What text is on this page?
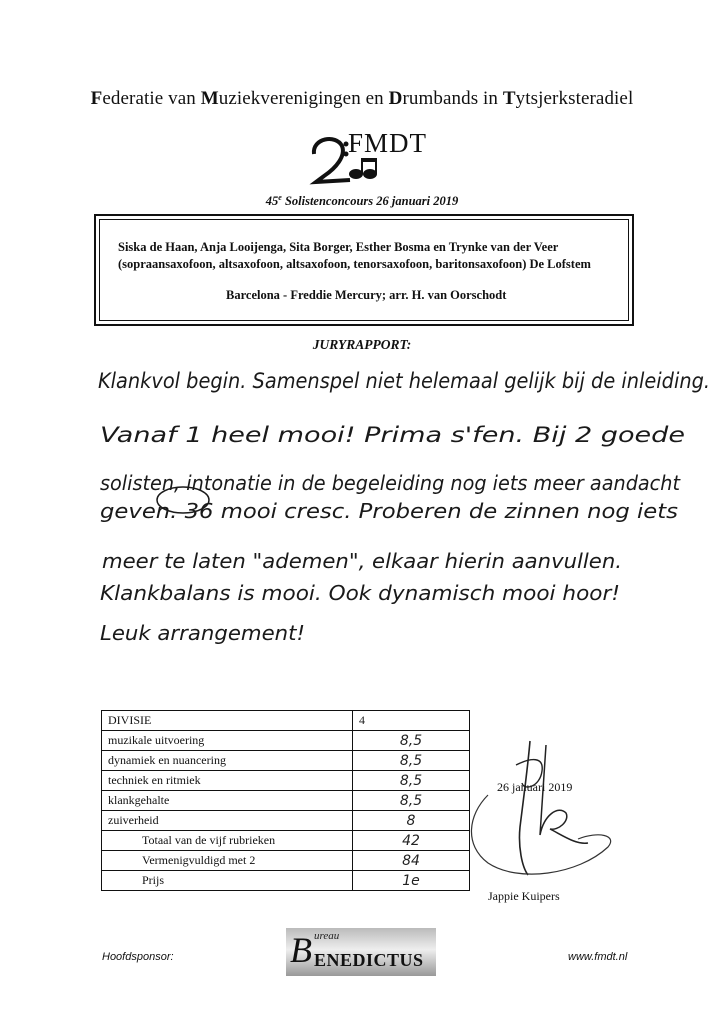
Federatie van Muziekverenigingen en Drumbands in Tytsjerksteradiel
FMDT
45e Solistenconcours 26 januari 2019
Siska de Haan, Anja Looijenga, Sita Borger, Esther Bosma en Trynke van der Veer
(sopraansaxofoon, altsaxofoon, altsaxofoon, tenorsaxofoon, baritonsaxofoon) De Lofstem
Barcelona - Freddie Mercury; arr. H. van Oorschodt
JURYRAPPORT:
Klankvol begin. Samenspel niet helemaal gelijk bij de inleiding.
Vanaf 1 heel mooi! Prima s'fen. Bij 2 goede
solisten, intonatie in de begeleiding nog iets meer aandacht
geven. 36 mooi cresc. Proberen de zinnen nog iets
meer te laten "ademen", elkaar hierin aanvullen.
Klankbalans is mooi. Ook dynamisch mooi hoor!
Leuk arrangement!
DIVISIE	4
muzikale uitvoering	8,5
dynamiek en nuancering	8,5
techniek en ritmiek	8,5
klankgehalte	8,5
zuiverheid	8
Totaal van de vijf rubrieken	42
Vermenigvuldigd met 2	84
Prijs	1e
26 januari 2019
Jappie Kuipers
Hoofdsponsor:	B ureau
ENEDICTUS	www.fmdt.nl
